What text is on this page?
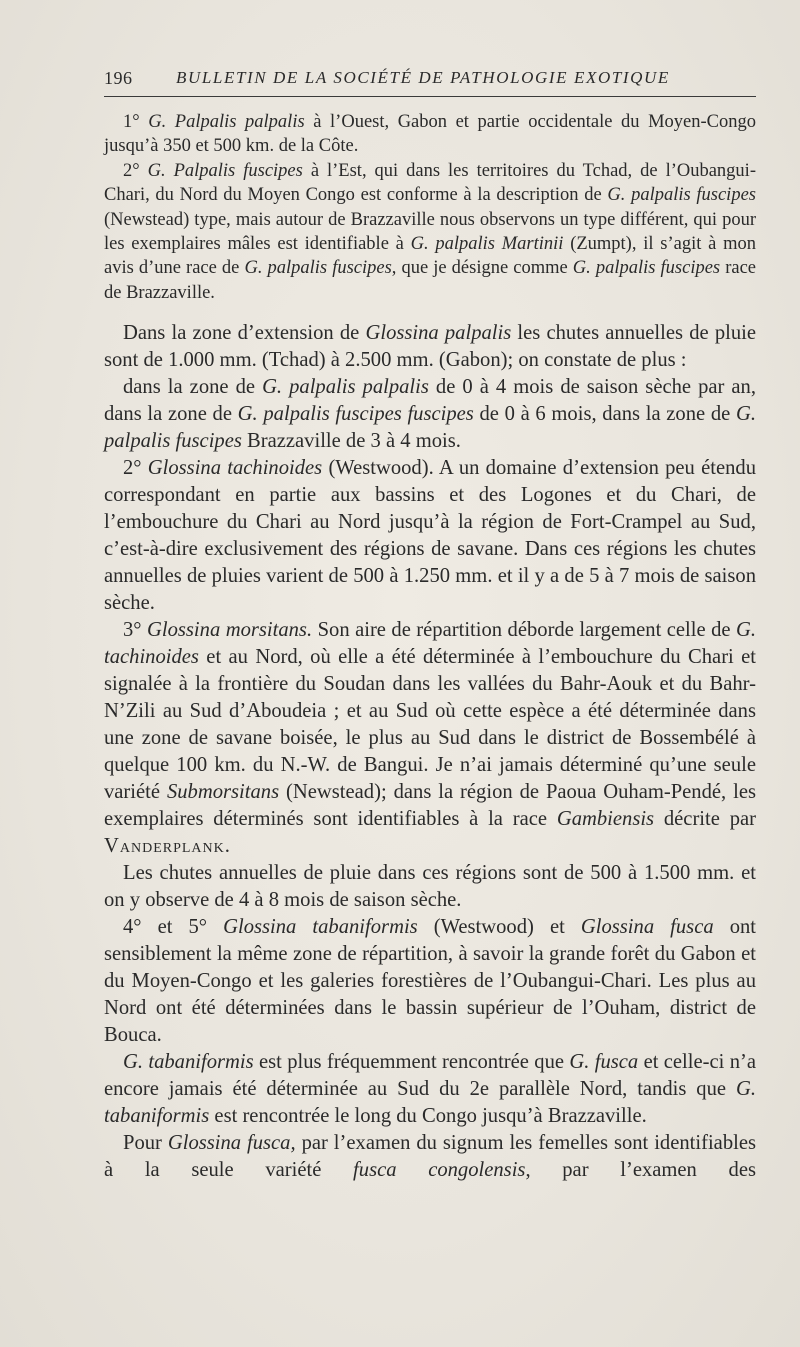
196	BULLETIN DE LA SOCIÉTÉ DE PATHOLOGIE EXOTIQUE

1° G. Palpalis palpalis à l’Ouest, Gabon et partie occidentale du Moyen-Congo jusqu’à 350 et 500 km. de la Côte.

2° G. Palpalis fuscipes à l’Est, qui dans les territoires du Tchad, de l’Oubangui-Chari, du Nord du Moyen Congo est conforme à la description de G. palpalis fuscipes (Newstead) type, mais autour de Brazzaville nous observons un type différent, qui pour les exemplaires mâles est identifiable à G. palpalis Martinii (Zumpt), il s’agit à mon avis d’une race de G. palpalis fuscipes, que je désigne comme G. palpalis fuscipes race de Brazzaville.

Dans la zone d’extension de Glossina palpalis les chutes annuelles de pluie sont de 1.000 mm. (Tchad) à 2.500 mm. (Gabon); on constate de plus :

dans la zone de G. palpalis palpalis de 0 à 4 mois de saison sèche par an, dans la zone de G. palpalis fuscipes fuscipes de 0 à 6 mois, dans la zone de G. palpalis fuscipes Brazzaville de 3 à 4 mois.

2° Glossina tachinoides (Westwood). A un domaine d’extension peu étendu correspondant en partie aux bassins et des Logones et du Chari, de l’embouchure du Chari au Nord jusqu’à la région de Fort-Crampel au Sud, c’est-à-dire exclusivement des régions de savane. Dans ces régions les chutes annuelles de pluies varient de 500 à 1.250 mm. et il y a de 5 à 7 mois de saison sèche.

3° Glossina morsitans. Son aire de répartition déborde largement celle de G. tachinoides et au Nord, où elle a été déterminée à l’embouchure du Chari et signalée à la frontière du Soudan dans les vallées du Bahr-Aouk et du Bahr-N’Zili au Sud d’Aboudeia ; et au Sud où cette espèce a été déterminée dans une zone de savane boisée, le plus au Sud dans le district de Bossembélé à quelque 100 km. du N.-W. de Bangui. Je n’ai jamais déterminé qu’une seule variété Submorsitans (Newstead); dans la région de Paoua Ouham-Pendé, les exemplaires déterminés sont identifiables à la race Gambiensis décrite par Vanderplank.

Les chutes annuelles de pluie dans ces régions sont de 500 à 1.500 mm. et on y observe de 4 à 8 mois de saison sèche.

4° et 5° Glossina tabaniformis (Westwood) et Glossina fusca ont sensiblement la même zone de répartition, à savoir la grande forêt du Gabon et du Moyen-Congo et les galeries forestières de l’Oubangui-Chari. Les plus au Nord ont été déterminées dans le bassin supérieur de l’Ouham, district de Bouca.

G. tabaniformis est plus fréquemment rencontrée que G. fusca et celle-ci n’a encore jamais été déterminée au Sud du 2e parallèle Nord, tandis que G. tabaniformis est rencontrée le long du Congo jusqu’à Brazzaville.

Pour Glossina fusca, par l’examen du signum les femelles sont identifiables à la seule variété fusca congolensis, par l’examen des
